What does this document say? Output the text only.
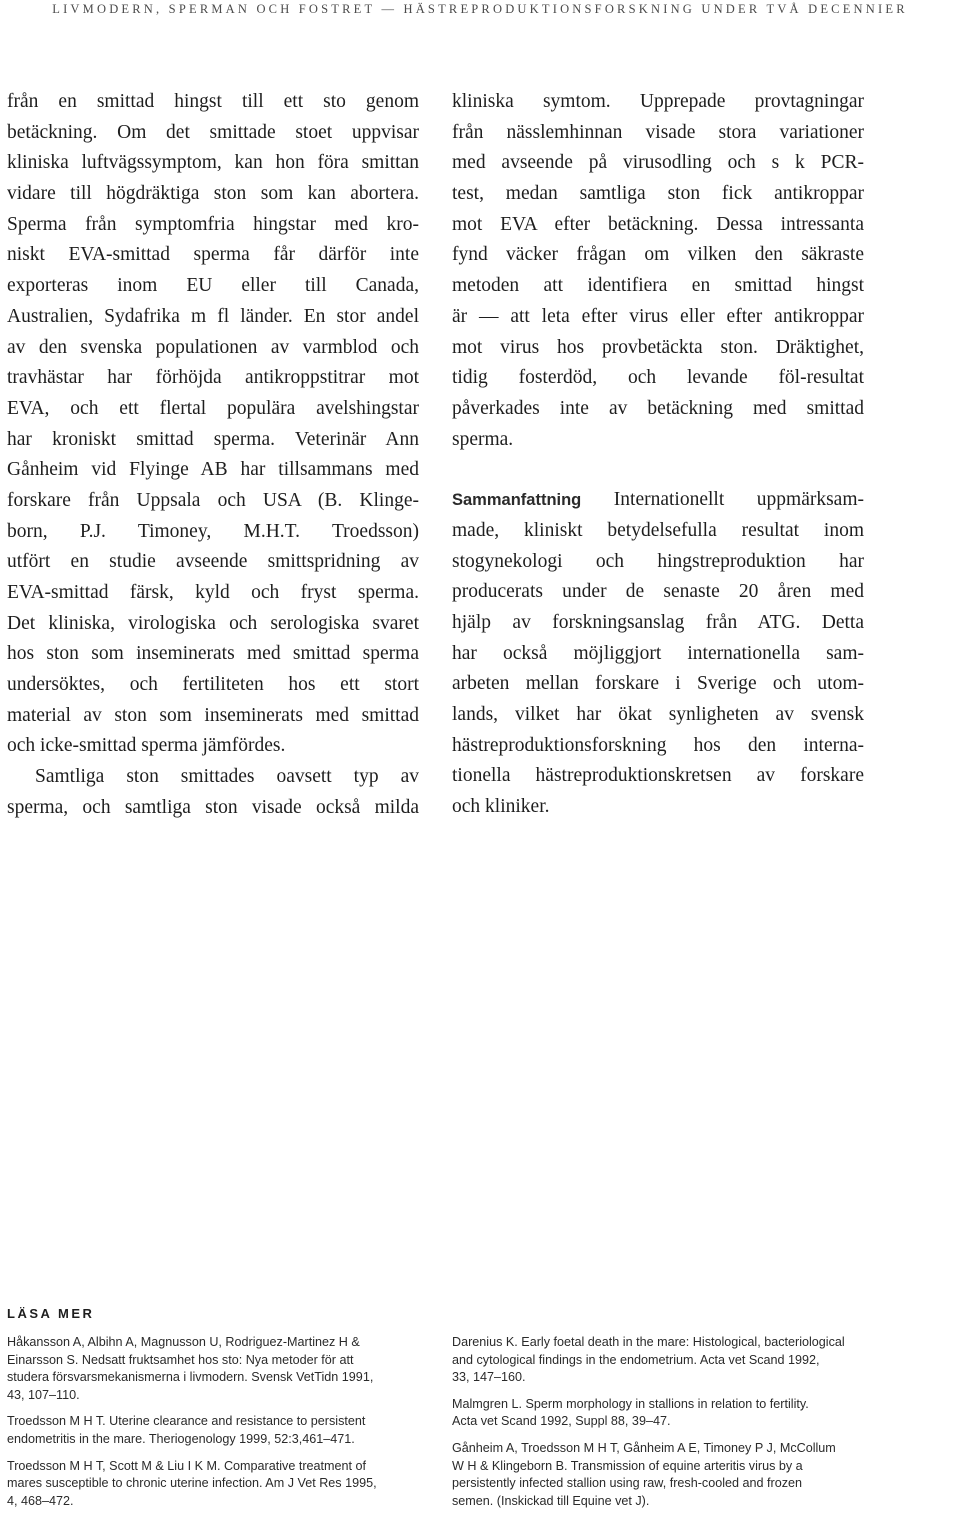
LIVMODERN, SPERMAN OCH FOSTRET — HÄSTREPRODUKTIONSFORSKNING UNDER TVÅ DECENNIER
från en smittad hingst till ett sto genom
betäckning. Om det smittade stoet uppvisar
kliniska luftvägssymptom, kan hon föra smittan
vidare till högdräktiga ston som kan abortera.
Sperma från symptomfria hingstar med kro-
niskt EVA-smittad sperma får därför inte
exporteras inom EU eller till Canada,
Australien, Sydafrika m fl länder. En stor andel
av den svenska populationen av varmblod och
travhästar har förhöjda antikroppstitrar mot
EVA, och ett flertal populära avelshingstar
har kroniskt smittad sperma. Veterinär Ann
Gånheim vid Flyinge AB har tillsammans med
forskare från Uppsala och USA (B. Klinge-
born, P.J. Timoney, M.H.T. Troedsson)
utfört en studie avseende smittspridning av
EVA-smittad färsk, kyld och fryst sperma.
Det kliniska, virologiska och serologiska svaret
hos ston som inseminerats med smittad sperma
undersöktes, och fertiliteten hos ett stort
material av ston som inseminerats med smittad
och icke-smittad sperma jämfördes.
Samtliga ston smittades oavsett typ av
sperma, och samtliga ston visade också milda
kliniska symtom. Upprepade provtagningar
från nässlemhinnan visade stora variationer
med avseende på virusodling och s k PCR-
test, medan samtliga ston fick antikroppar
mot EVA efter betäckning. Dessa intressanta
fynd väcker frågan om vilken den säkraste
metoden att identifiera en smittad hingst
är — att leta efter virus eller efter antikroppar
mot virus hos provbetäckta ston. Dräktighet,
tidig fosterdöd, och levande föl-resultat
påverkades inte av betäckning med smittad
sperma.
Sammanfattning Internationellt uppmärksam-
made, kliniskt betydelsefulla resultat inom
stogynekologi och hingstreproduktion har
producerats under de senaste 20 åren med
hjälp av forskningsanslag från ATG. Detta
har också möjliggjort internationella sam-
arbeten mellan forskare i Sverige och utom-
lands, vilket har ökat synligheten av svensk
hästreproduktionsforskning hos den interna-
tionella hästreproduktionskretsen av forskare
och kliniker.
LÄSA MER
Håkansson A, Albihn A, Magnusson U, Rodriguez-Martinez H &
Einarsson S. Nedsatt fruktsamhet hos sto: Nya metoder för att
studera försvarsmekanismerna i livmodern. Svensk VetTidn 1991,
43, 107–110.
Troedsson M H T. Uterine clearance and resistance to persistent
endometritis in the mare. Theriogenology 1999, 52:3,461–471.
Troedsson M H T, Scott M & Liu I K M. Comparative treatment of
mares susceptible to chronic uterine infection. Am J Vet Res 1995,
4, 468–472.
Darenius K. Early foetal death in the mare: Histological, bacteriological
and cytological findings in the endometrium. Acta vet Scand 1992,
33, 147–160.
Malmgren L. Sperm morphology in stallions in relation to fertility.
Acta vet Scand 1992, Suppl 88, 39–47.
Gånheim A, Troedsson M H T, Gånheim A E, Timoney P J, McCollum
W H & Klingeborn B. Transmission of equine arteritis virus by a
persistently infected stallion using raw, fresh-cooled and frozen
semen. (Inskickad till Equine vet J).
